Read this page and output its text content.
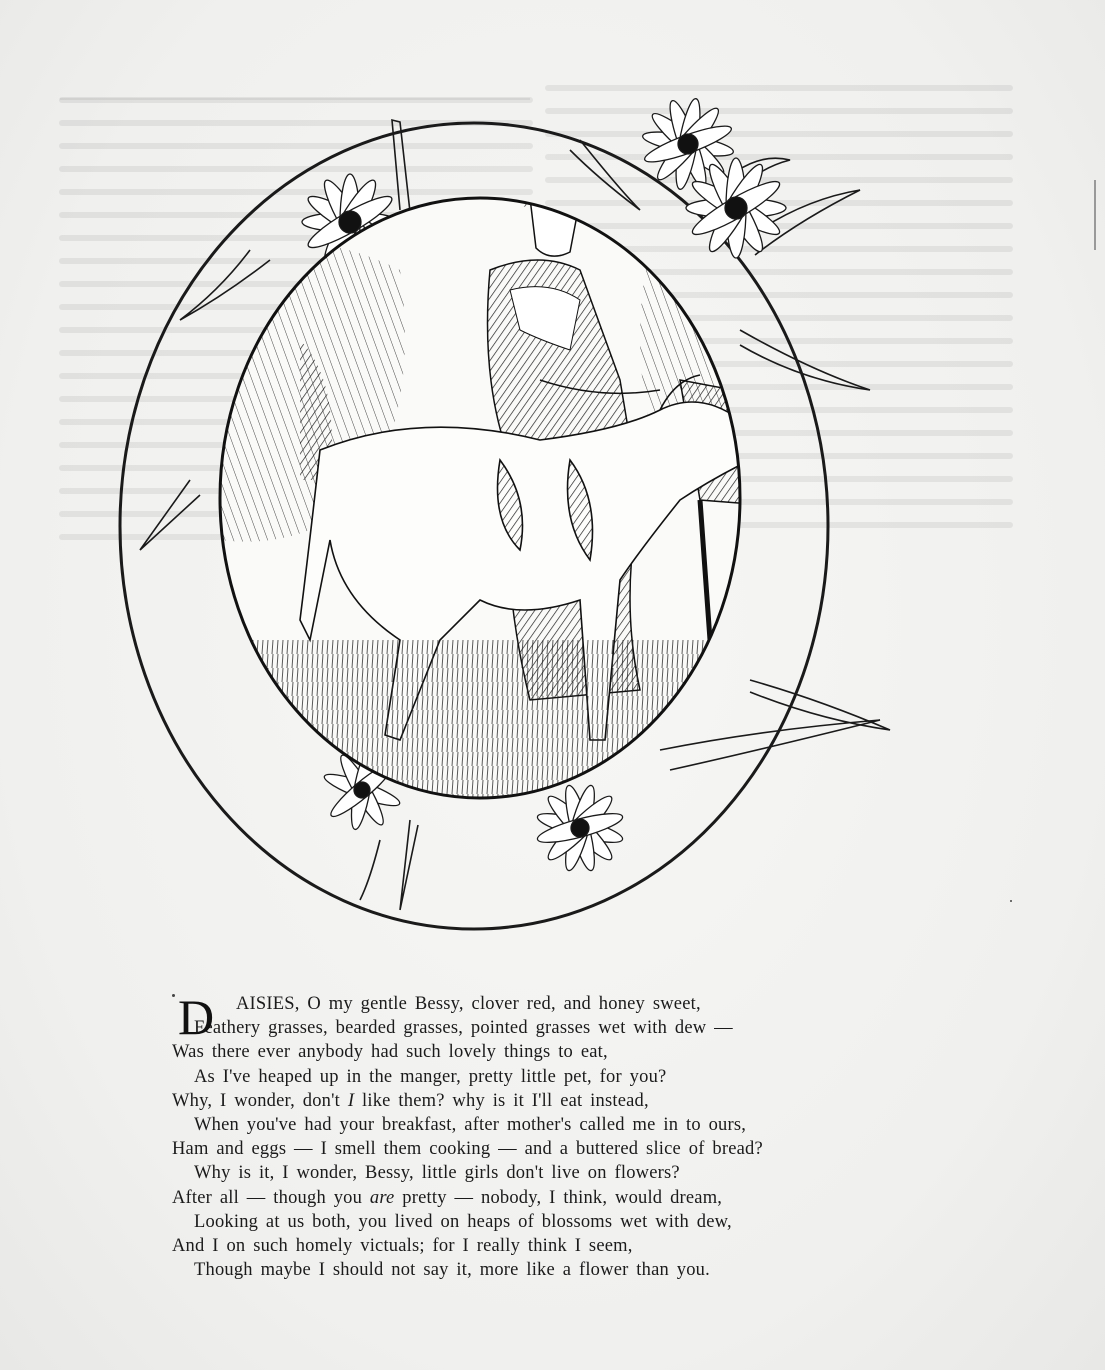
D	AISIES, O my gentle Bessy, clover red, and honey sweet,
Feathery grasses, bearded grasses, pointed grasses wet with dew —
Was there ever anybody had such lovely things to eat,
As I've heaped up in the manger, pretty little pet, for you?
Why, I wonder, don't I like them? why is it I'll eat instead,
When you've had your breakfast, after mother's called me in to ours,
Ham and eggs — I smell them cooking — and a buttered slice of bread?
Why is it, I wonder, Bessy, little girls don't live on flowers?
After all — though you are pretty — nobody, I think, would dream,
Looking at us both, you lived on heaps of blossoms wet with dew,
And I on such homely victuals; for I really think I seem,
Though maybe I should not say it, more like a flower than you.
